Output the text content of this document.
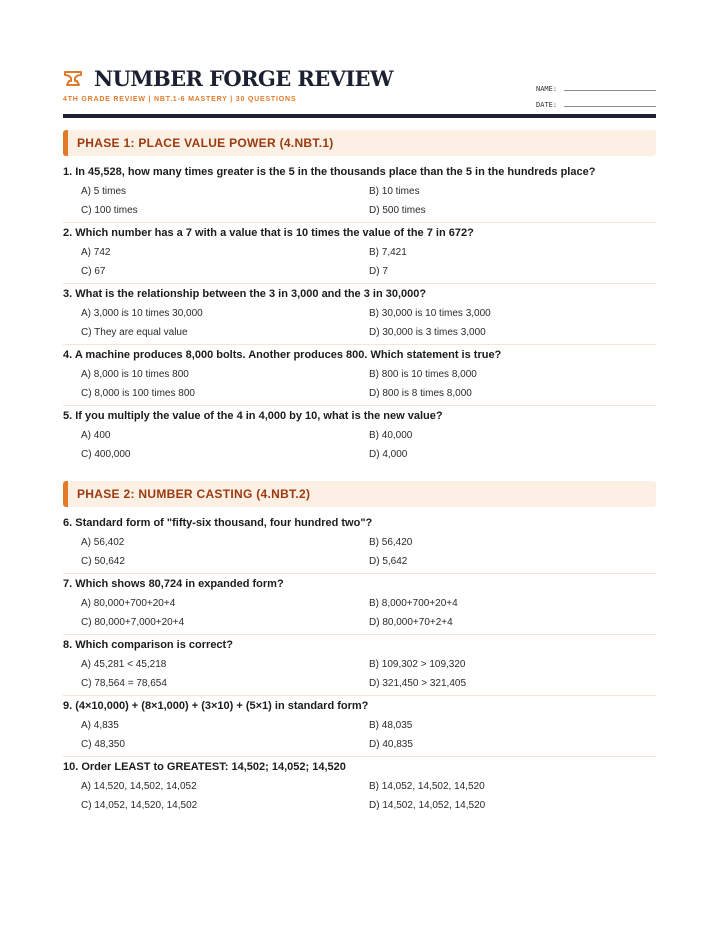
NUMBER FORGE REVIEW
4TH GRADE REVIEW | NBT.1-6 MASTERY | 30 QUESTIONS
NAME:
DATE:
PHASE 1: PLACE VALUE POWER (4.NBT.1)
1. In 45,528, how many times greater is the 5 in the thousands place than the 5 in the hundreds place?
A) 5 times	B) 10 times
C) 100 times	D) 500 times
2. Which number has a 7 with a value that is 10 times the value of the 7 in 672?
A) 742	B) 7,421
C) 67	D) 7
3. What is the relationship between the 3 in 3,000 and the 3 in 30,000?
A) 3,000 is 10 times 30,000	B) 30,000 is 10 times 3,000
C) They are equal value	D) 30,000 is 3 times 3,000
4. A machine produces 8,000 bolts. Another produces 800. Which statement is true?
A) 8,000 is 10 times 800	B) 800 is 10 times 8,000
C) 8,000 is 100 times 800	D) 800 is 8 times 8,000
5. If you multiply the value of the 4 in 4,000 by 10, what is the new value?
A) 400	B) 40,000
C) 400,000	D) 4,000
PHASE 2: NUMBER CASTING (4.NBT.2)
6. Standard form of "fifty-six thousand, four hundred two"?
A) 56,402	B) 56,420
C) 50,642	D) 5,642
7. Which shows 80,724 in expanded form?
A) 80,000+700+20+4	B) 8,000+700+20+4
C) 80,000+7,000+20+4	D) 80,000+70+2+4
8. Which comparison is correct?
A) 45,281 < 45,218	B) 109,302 > 109,320
C) 78,564 = 78,654	D) 321,450 > 321,405
9. (4×10,000) + (8×1,000) + (3×10) + (5×1) in standard form?
A) 4,835	B) 48,035
C) 48,350	D) 40,835
10. Order LEAST to GREATEST: 14,502; 14,052; 14,520
A) 14,520, 14,502, 14,052	B) 14,052, 14,502, 14,520
C) 14,052, 14,520, 14,502	D) 14,502, 14,052, 14,520
